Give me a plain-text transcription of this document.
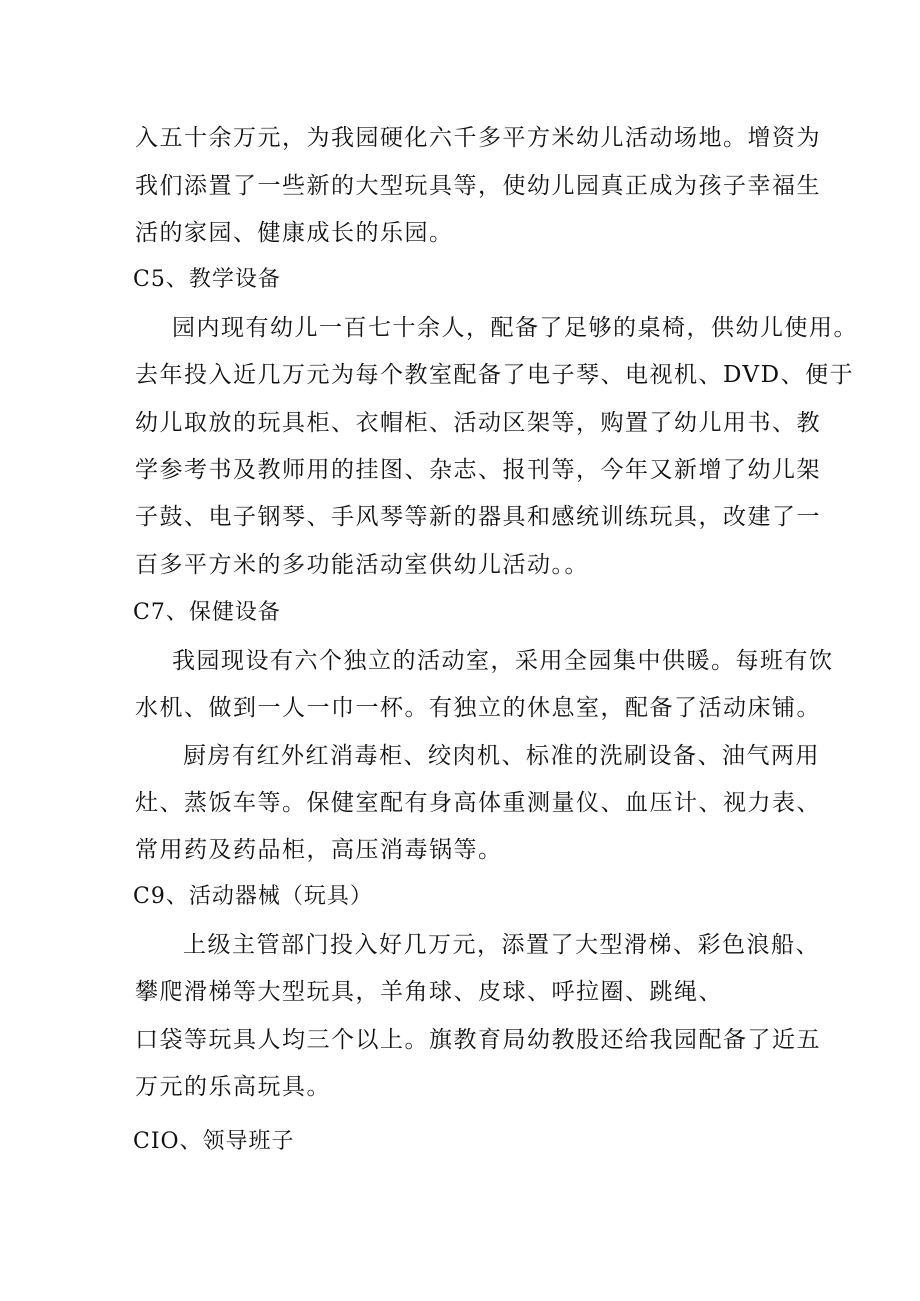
入五十余万元，为我园硬化六千多平方米幼儿活动场地。增资为
我们添置了一些新的大型玩具等，使幼儿园真正成为孩子幸福生
活的家园、健康成长的乐园。
C5、教学设备
园内现有幼儿一百七十余人，配备了足够的桌椅，供幼儿使用。
去年投入近几万元为每个教室配备了电子琴、电视机、DVD、便于
幼儿取放的玩具柜、衣帽柜、活动区架等，购置了幼儿用书、教
学参考书及教师用的挂图、杂志、报刊等，今年又新增了幼儿架
子鼓、电子钢琴、手风琴等新的器具和感统训练玩具，改建了一
百多平方米的多功能活动室供幼儿活动。。
C7、保健设备
我园现设有六个独立的活动室，采用全园集中供暖。每班有饮
水机、做到一人一巾一杯。有独立的休息室，配备了活动床铺。
厨房有红外红消毒柜、绞肉机、标准的洗刷设备、油气两用
灶、蒸饭车等。保健室配有身高体重测量仪、血压计、视力表、
常用药及药品柜，高压消毒锅等。
C9、活动器械（玩具）
上级主管部门投入好几万元，添置了大型滑梯、彩色浪船、
攀爬滑梯等大型玩具，羊角球、皮球、呼拉圈、跳绳、
口袋等玩具人均三个以上。旗教育局幼教股还给我园配备了近五
万元的乐高玩具。
CIO、领导班子
